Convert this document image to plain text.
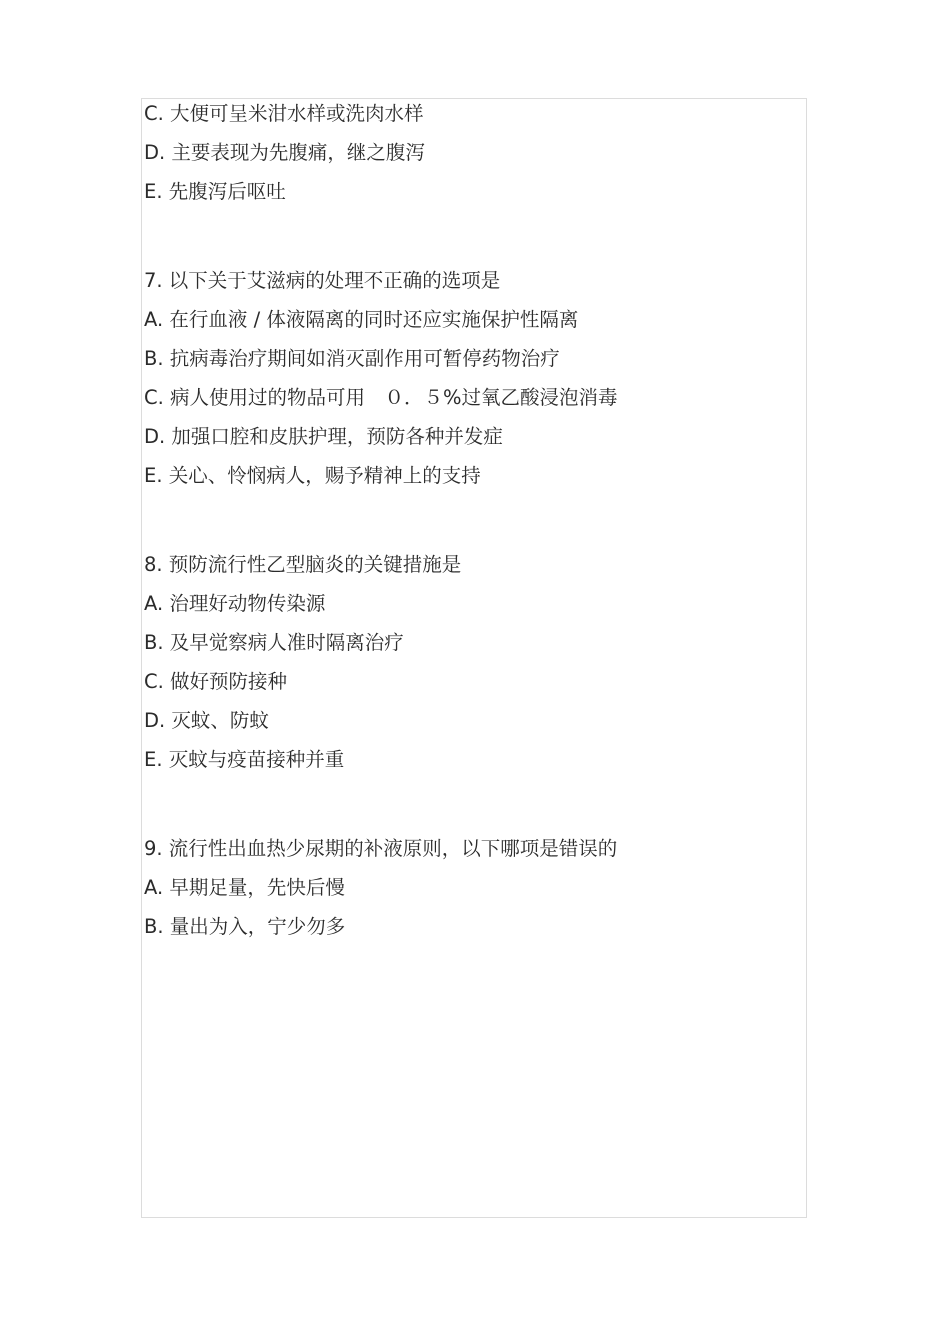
C. 大便可呈米泔水样或洗肉水样
D. 主要表现为先腹痛，继之腹泻
E. 先腹泻后呕吐
7. 以下关于艾滋病的处理不正确的选项是
A. 在行血液 / 体液隔离的同时还应实施保护性隔离
B. 抗病毒治疗期间如消灭副作用可暂停药物治疗
C. 病人使用过的物品可用　０．５%过氧乙酸浸泡消毒
D. 加强口腔和皮肤护理，预防各种并发症
E. 关心、怜悯病人，赐予精神上的支持
8. 预防流行性乙型脑炎的关键措施是
A. 治理好动物传染源
B. 及早觉察病人准时隔离治疗
C. 做好预防接种
D. 灭蚊、防蚊
E. 灭蚊与疫苗接种并重
9. 流行性出血热少尿期的补液原则，以下哪项是错误的
A. 早期足量，先快后慢
B. 量出为入，宁少勿多
